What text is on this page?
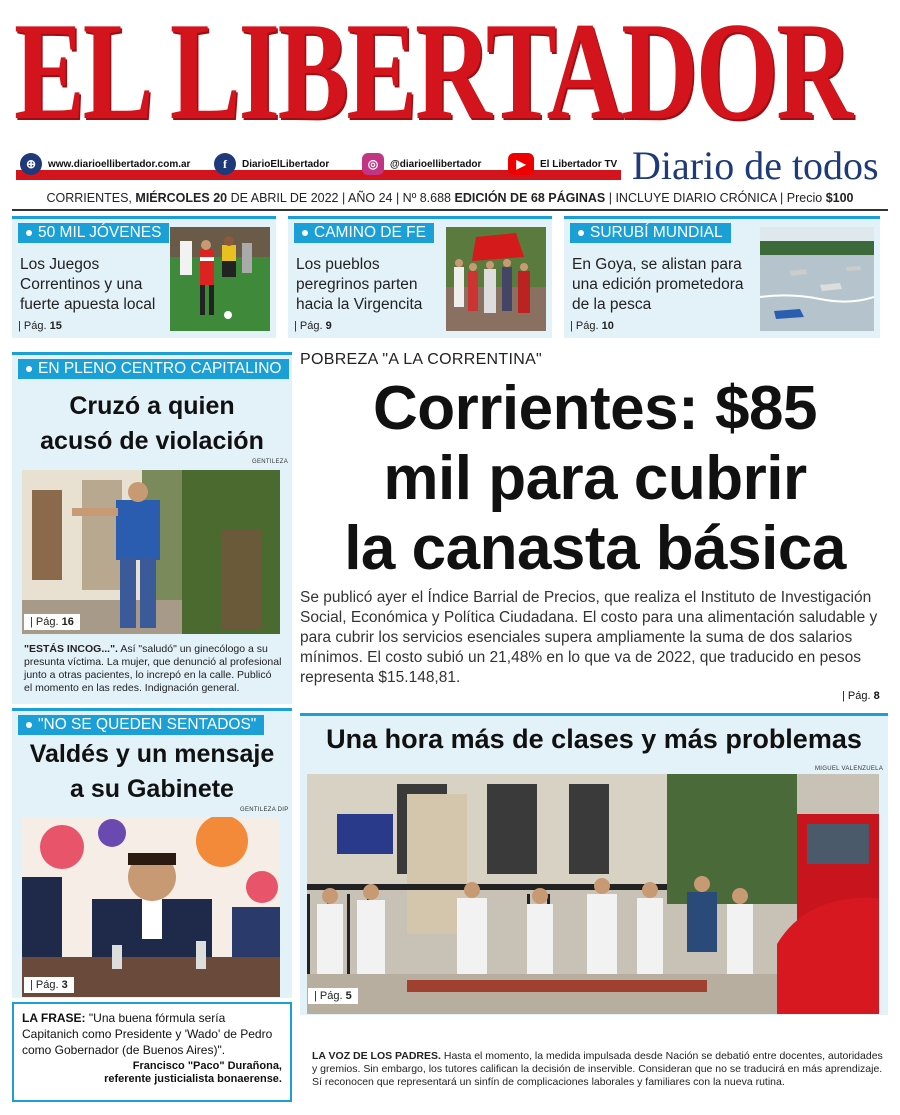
EL LIBERTADOR
⊕	www.diarioellibertador.com.ar	f	DiarioElLibertador	◎	@diarioellibertador	▶	El Libertador TV Diario de todos
CORRIENTES, MIÉRCOLES 20 DE ABRIL DE 2022 | AÑO 24 | Nº 8.688 EDICIÓN DE 68 PÁGINAS | INCLUYE DIARIO CRÓNICA | Precio $100
50 MIL JÓVENES
Los Juegos Correntinos y una fuerte apuesta local
| Pág. 15
CAMINO DE FE
Los pueblos peregrinos parten hacia la Virgencita
| Pág. 9
SURUBÍ MUNDIAL
En Goya, se alistan para una edición prometedora de la pesca
| Pág. 10
EN PLENO CENTRO CAPITALINO
Cruzó a quien
acusó de violación
GENTILEZA
| Pág. 16
"ESTÁS INCOG...". Así "saludó" un ginecólogo a su presunta víctima. La mujer, que denunció al profesional junto a otras pacientes, lo increpó en la calle. Publicó el momento en las redes. Indignación general.
"NO SE QUEDEN SENTADOS"
Valdés y un mensaje
a su Gabinete
GENTILEZA DIP
| Pág. 3
LA FRASE: "Una buena fórmula sería Capitanich como Presidente y 'Wado' de Pedro como Gobernador (de Buenos Aires)".
Francisco "Paco" Durañona,
referente justicialista bonaerense.
POBREZA "A LA CORRENTINA"
Corrientes: $85
mil para cubrir
la canasta básica
Se publicó ayer el Índice Barrial de Precios, que realiza el Instituto de Investigación Social, Económica y Política Ciudadana. El costo para una alimentación saludable y para cubrir los servicios esenciales supera ampliamente la suma de dos salarios mínimos. El costo subió un 21,48% en lo que va de 2022, que traducido en pesos representa $15.148,81.
| Pág. 8
Una hora más de clases y más problemas
MIGUEL VALENZUELA
| Pág. 5
LA VOZ DE LOS PADRES. Hasta el momento, la medida impulsada desde Nación se debatió entre docentes, autoridades y gremios. Sin embargo, los tutores califican la decisión de inservible. Consideran que no se traducirá en más aprendizaje. Sí reconocen que representará un sinfín de complicaciones laborales y familiares con la nueva rutina.
